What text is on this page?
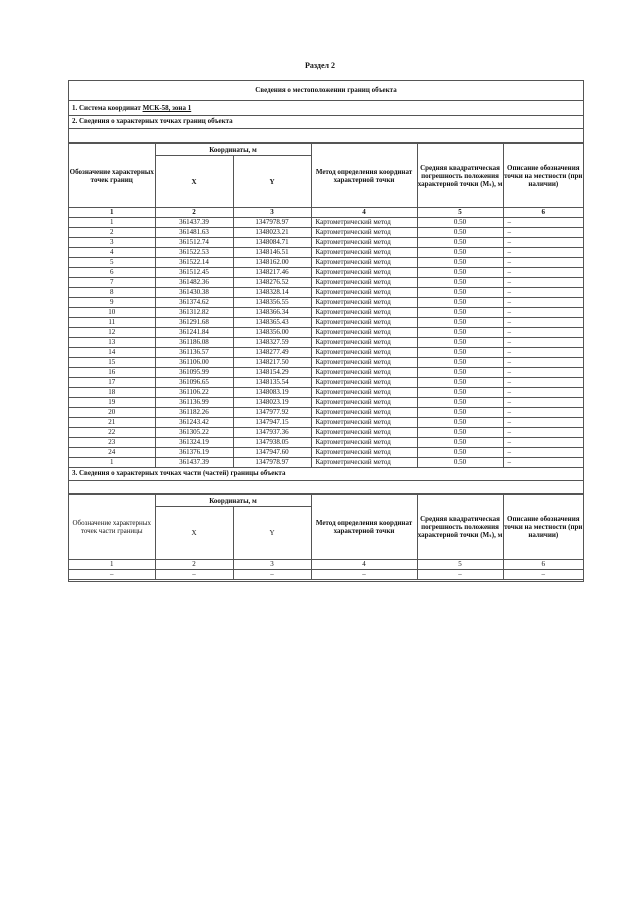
Раздел 2
Сведения о местоположении границ объекта
1. Система координат МСК-58, зона 1
2. Сведения о характерных точках границ объекта
Обозначение характерных точек границ	Координаты, м		Метод определения координат характерной точки	Средняя квадратическая погрешность положения характерной точки (Mₜ), м	Описание обозначения точки на местности (при наличии)
	X	Y			
1	2	3	4	5	6
1	361437.39	1347978.97	Картометрический метод	0.50	–
2	361481.63	1348023.21	Картометрический метод	0.50	–
3	361512.74	1348084.71	Картометрический метод	0.50	–
4	361522.53	1348146.51	Картометрический метод	0.50	–
5	361522.14	1348162.00	Картометрический метод	0.50	–
6	361512.45	1348217.46	Картометрический метод	0.50	–
7	361482.36	1348276.52	Картометрический метод	0.50	–
8	361430.38	1348328.14	Картометрический метод	0.50	–
9	361374.62	1348356.55	Картометрический метод	0.50	–
10	361312.82	1348366.34	Картометрический метод	0.50	–
11	361291.68	1348365.43	Картометрический метод	0.50	–
12	361241.84	1348356.00	Картометрический метод	0.50	–
13	361186.08	1348327.59	Картометрический метод	0.50	–
14	361136.57	1348277.49	Картометрический метод	0.50	–
15	361106.00	1348217.50	Картометрический метод	0.50	–
16	361095.99	1348154.29	Картометрический метод	0.50	–
17	361096.65	1348135.54	Картометрический метод	0.50	–
18	361106.22	1348083.19	Картометрический метод	0.50	–
19	361136.99	1348023.19	Картометрический метод	0.50	–
20	361182.26	1347977.92	Картометрический метод	0.50	–
21	361243.42	1347947.15	Картометрический метод	0.50	–
22	361305.22	1347937.36	Картометрический метод	0.50	–
23	361324.19	1347938.05	Картометрический метод	0.50	–
24	361376.19	1347947.60	Картометрический метод	0.50	–
1	361437.39	1347978.97	Картометрический метод	0.50	–
3. Сведения о характерных точках части (частей) границы объекта
Обозначение характерных точек части границы	Координаты, м		Метод определения координат характерной точки	Средняя квадратическая погрешность положения характерной точки (Mₜ), м	Описание обозначения точки на местности (при наличии)
	X	Y			
1	2	3	4	5	6
–	–	–	–	–	–
